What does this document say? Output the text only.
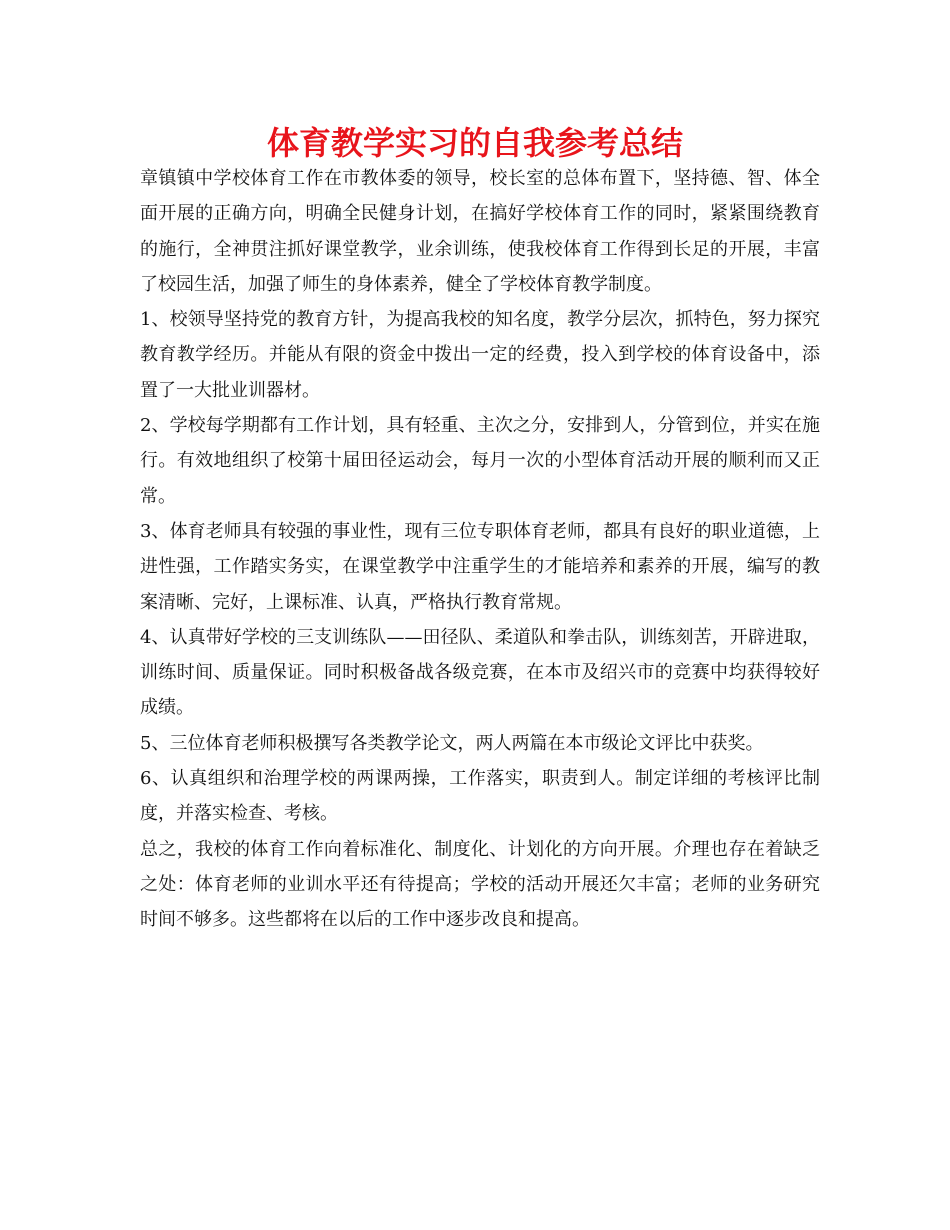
体育教学实习的自我参考总结

章镇镇中学校体育工作在市教体委的领导，校长室的总体布置下，坚持德、智、体全面开展的正确方向，明确全民健身计划，在搞好学校体育工作的同时，紧紧围绕教育的施行，全神贯注抓好课堂教学，业余训练，使我校体育工作得到长足的开展，丰富了校园生活，加强了师生的身体素养，健全了学校体育教学制度。

1、校领导坚持党的教育方针，为提高我校的知名度，教学分层次，抓特色，努力探究教育教学经历。并能从有限的资金中拨出一定的经费，投入到学校的体育设备中，添置了一大批业训器材。

2、学校每学期都有工作计划，具有轻重、主次之分，安排到人，分管到位，并实在施行。有效地组织了校第十届田径运动会，每月一次的小型体育活动开展的顺利而又正常。

3、体育老师具有较强的事业性，现有三位专职体育老师，都具有良好的职业道德，上进性强，工作踏实务实，在课堂教学中注重学生的才能培养和素养的开展，编写的教案清晰、完好，上课标准、认真，严格执行教育常规。

4、认真带好学校的三支训练队——田径队、柔道队和拳击队，训练刻苦，开辟进取，训练时间、质量保证。同时积极备战各级竞赛，在本市及绍兴市的竞赛中均获得较好成绩。

5、三位体育老师积极撰写各类教学论文，两人两篇在本市级论文评比中获奖。

6、认真组织和治理学校的两课两操，工作落实，职责到人。制定详细的考核评比制度，并落实检查、考核。

总之，我校的体育工作向着标准化、制度化、计划化的方向开展。介理也存在着缺乏之处：体育老师的业训水平还有待提高；学校的活动开展还欠丰富；老师的业务研究时间不够多。这些都将在以后的工作中逐步改良和提高。
